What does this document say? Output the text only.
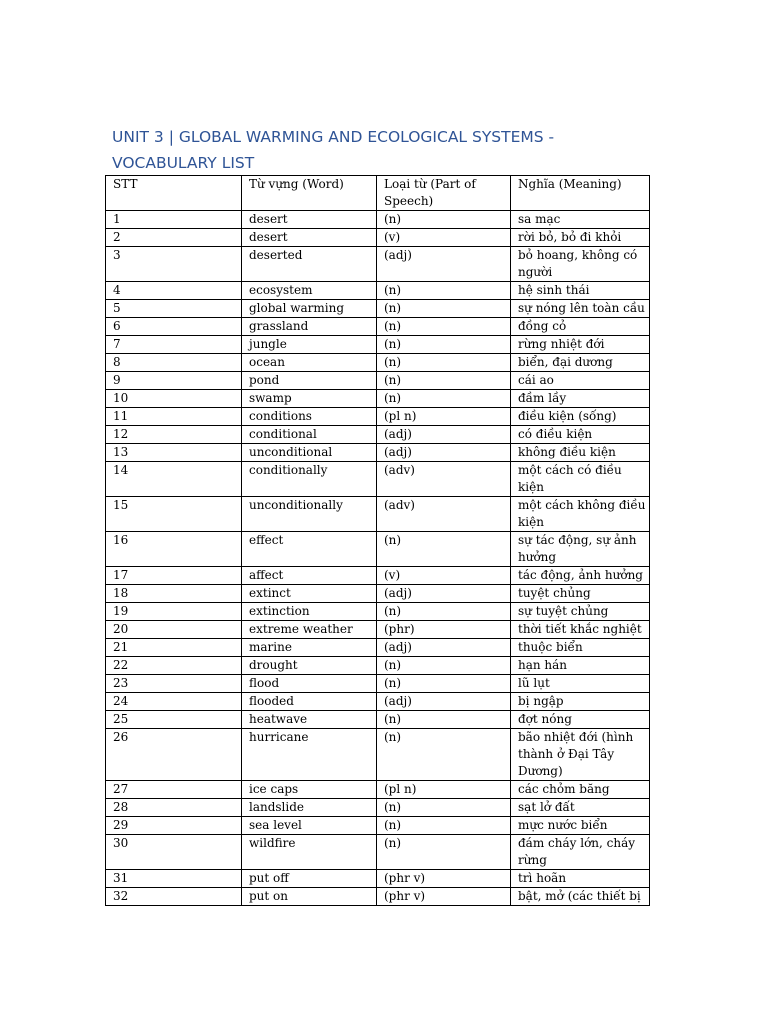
UNIT 3 | GLOBAL WARMING AND ECOLOGICAL SYSTEMS - VOCABULARY LIST
STT	Từ vựng (Word)	Loại từ (Part of Speech)	Nghĩa (Meaning)
1	desert	(n)	sa mạc
2	desert	(v)	rời bỏ, bỏ đi khỏi
3	deserted	(adj)	bỏ hoang, không có người
4	ecosystem	(n)	hệ sinh thái
5	global warming	(n)	sự nóng lên toàn cầu
6	grassland	(n)	đồng cỏ
7	jungle	(n)	rừng nhiệt đới
8	ocean	(n)	biển, đại dương
9	pond	(n)	cái ao
10	swamp	(n)	đầm lầy
11	conditions	(pl n)	điều kiện (sống)
12	conditional	(adj)	có điều kiện
13	unconditional	(adj)	không điều kiện
14	conditionally	(adv)	một cách có điều kiện
15	unconditionally	(adv)	một cách không điều kiện
16	effect	(n)	sự tác động, sự ảnh hưởng
17	affect	(v)	tác động, ảnh hưởng
18	extinct	(adj)	tuyệt chủng
19	extinction	(n)	sự tuyệt chủng
20	extreme weather	(phr)	thời tiết khắc nghiệt
21	marine	(adj)	thuộc biển
22	drought	(n)	hạn hán
23	flood	(n)	lũ lụt
24	flooded	(adj)	bị ngập
25	heatwave	(n)	đợt nóng
26	hurricane	(n)	bão nhiệt đới (hình thành ở Đại Tây Dương)
27	ice caps	(pl n)	các chỏm băng
28	landslide	(n)	sạt lở đất
29	sea level	(n)	mực nước biển
30	wildfire	(n)	đám cháy lớn, cháy rừng
31	put off	(phr v)	trì hoãn
32	put on	(phr v)	bật, mở (các thiết bị
